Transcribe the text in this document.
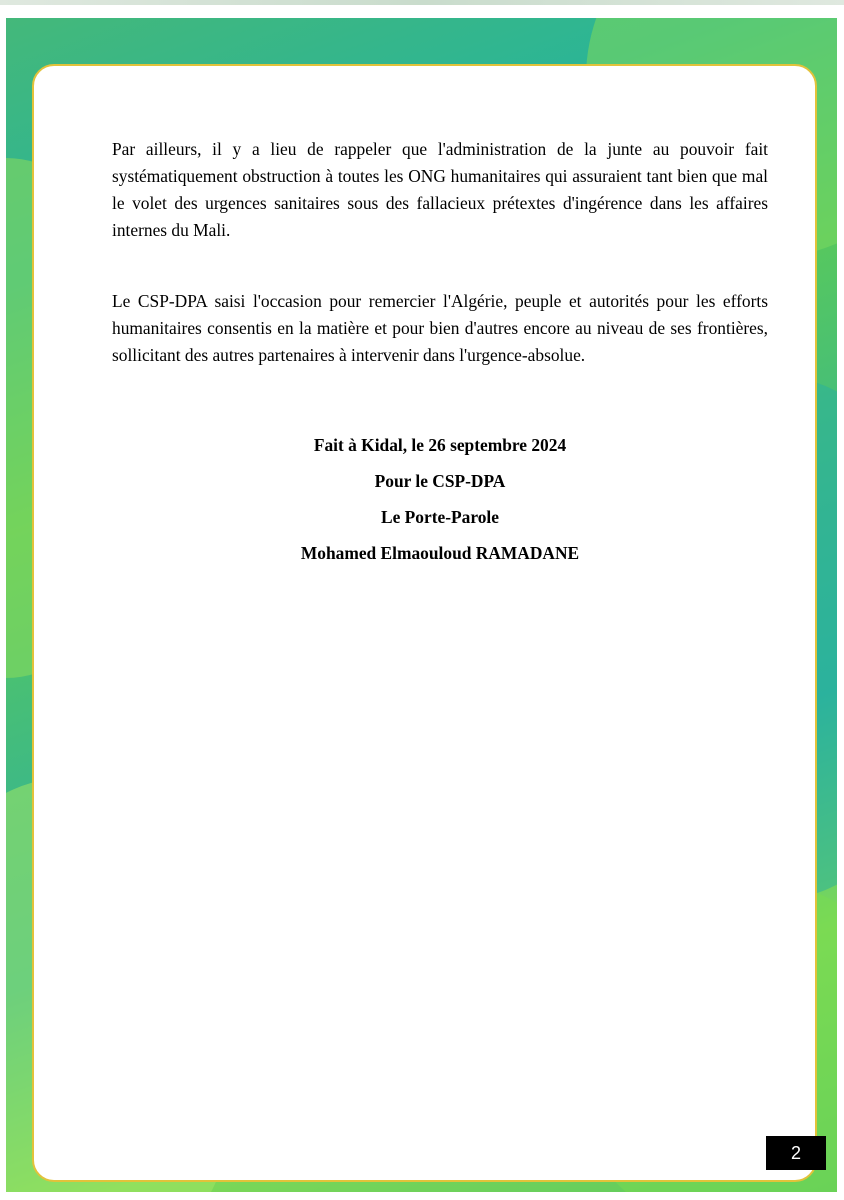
Par ailleurs, il y a lieu de rappeler que l'administration de la junte au pouvoir fait systématiquement obstruction à toutes les ONG humanitaires qui assuraient tant bien que mal le volet des urgences sanitaires sous des fallacieux prétextes d'ingérence dans les affaires internes du Mali.

Le CSP-DPA saisi l'occasion pour remercier l'Algérie, peuple et autorités pour les efforts humanitaires consentis en la matière et pour bien d'autres encore au niveau de ses frontières, sollicitant des autres partenaires à intervenir dans l'urgence-absolue.

Fait à Kidal, le 26 septembre 2024
Pour le CSP-DPA
Le Porte-Parole
Mohamed Elmaouloud RAMADANE
2
